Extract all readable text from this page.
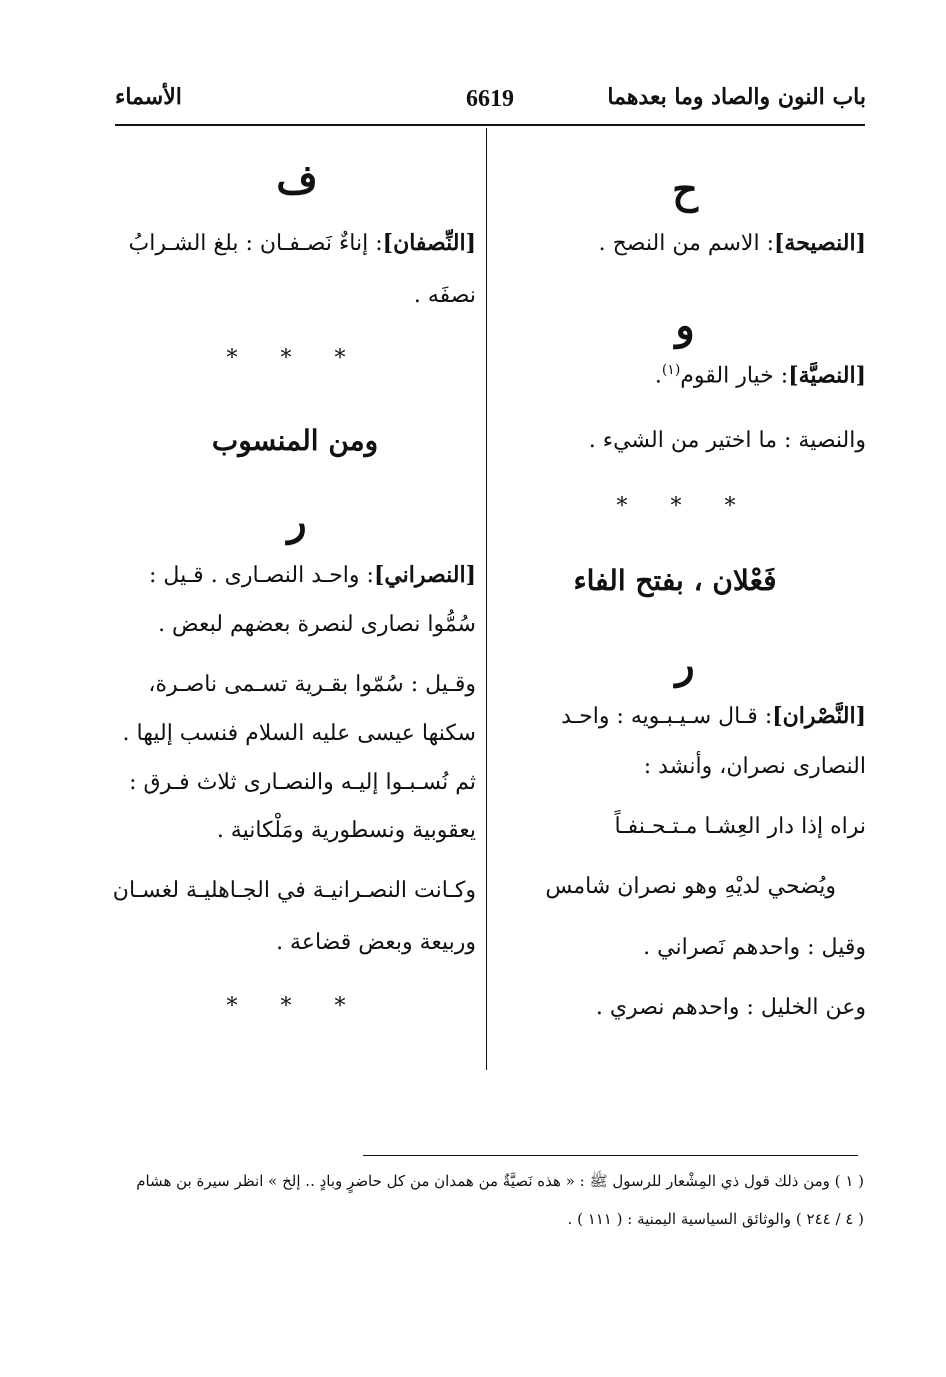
باب النون والصاد وما بعدهما
6619
الأسماء
ح
[النصيحة]: الاسم من النصح .
و
[النصيَّة]: خيار القوم$^{(١)}$.
والنصية : ما اختير من الشيء .
* * *
فَعْلان ، بفتح الفاء
ر
[النَّصْران]: قـال سـيـبـويه : واحـد
النصارى نصران، وأنشد :
نراه إذا دار العِشـا مـتـحـنفـاً
ويُضحي لديْهِ وهو نصران شامس
وقيل : واحدهم نَصراني .
وعن الخليل : واحدهم نصري .
ف
[النِّصفان]: إناءٌ نَصـفـان : بلغ الشـرابُ
نصفَه .
* * *
ومن المنسوب
ر
[النصراني]: واحـد النصـارى . قـيل :
سُمُّوا نصارى لنصرة بعضهم لبعض .
وقـيل : سُمّوا بقـرية تسـمى ناصـرة،
سكنها عيسى عليه السلام فنسب إليها .
ثم نُسـبـوا إليـه والنصـارى ثلاث فـرق :
يعقوبية ونسطورية ومَلْكانية .
وكـانت النصـرانيـة في الجـاهليـة لغسـان
وربيعة وبعض قضاعة .
* * *
( ١ ) ومن ذلك قول ذي المِشْعار للرسول ﷺ : « هذه نَصيَّةٌ من همدان من كل حاضرٍ وبادٍ .. إلخ » انظر سيرة بن هشام
( ٤ / ٢٤٤ ) والوثائق السياسية اليمنية : ( ١١١ ) .
